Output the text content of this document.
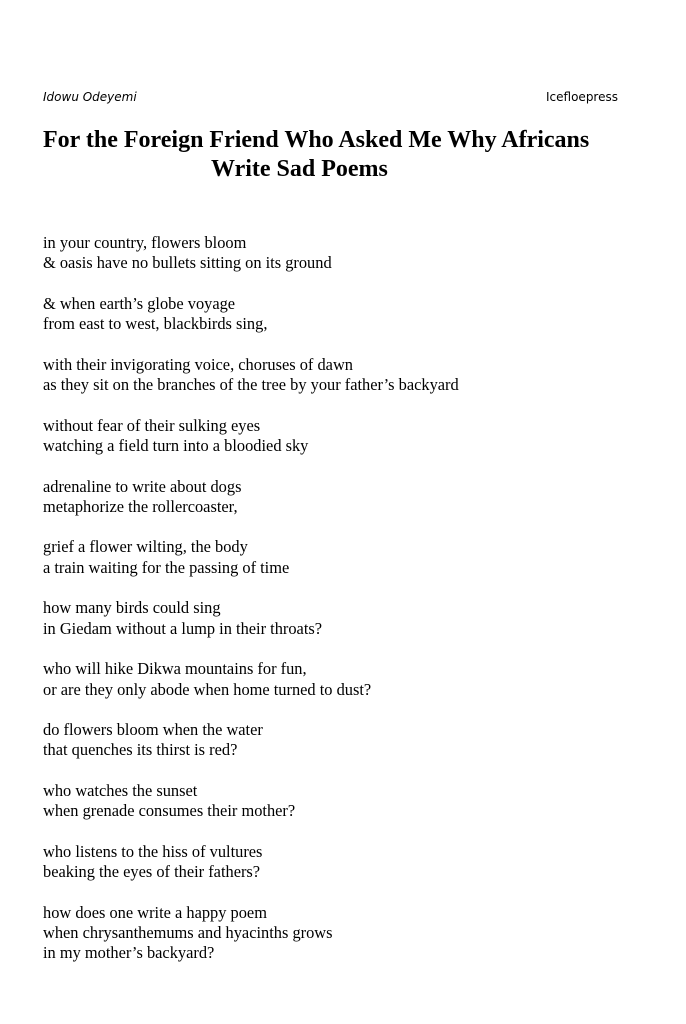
Idowu Odeyemi	Icefloepress
For the Foreign Friend Who Asked Me Why Africans
Write Sad Poems
in your country, flowers bloom
& oasis have no bullets sitting on its ground
& when earth’s globe voyage
from east to west, blackbirds sing,
with their invigorating voice, choruses of dawn
as they sit on the branches of the tree by your father’s backyard
without fear of their sulking eyes
watching a field turn into a bloodied sky
adrenaline to write about dogs
metaphorize the rollercoaster,
grief a flower wilting, the body
a train waiting for the passing of time
how many birds could sing
in Giedam without a lump in their throats?
who will hike Dikwa mountains for fun,
or are they only abode when home turned to dust?
do flowers bloom when the water
that quenches its thirst is red?
who watches the sunset
when grenade consumes their mother?
who listens to the hiss of vultures
beaking the eyes of their fathers?
how does one write a happy poem
when chrysanthemums and hyacinths grows
in my mother’s backyard?
